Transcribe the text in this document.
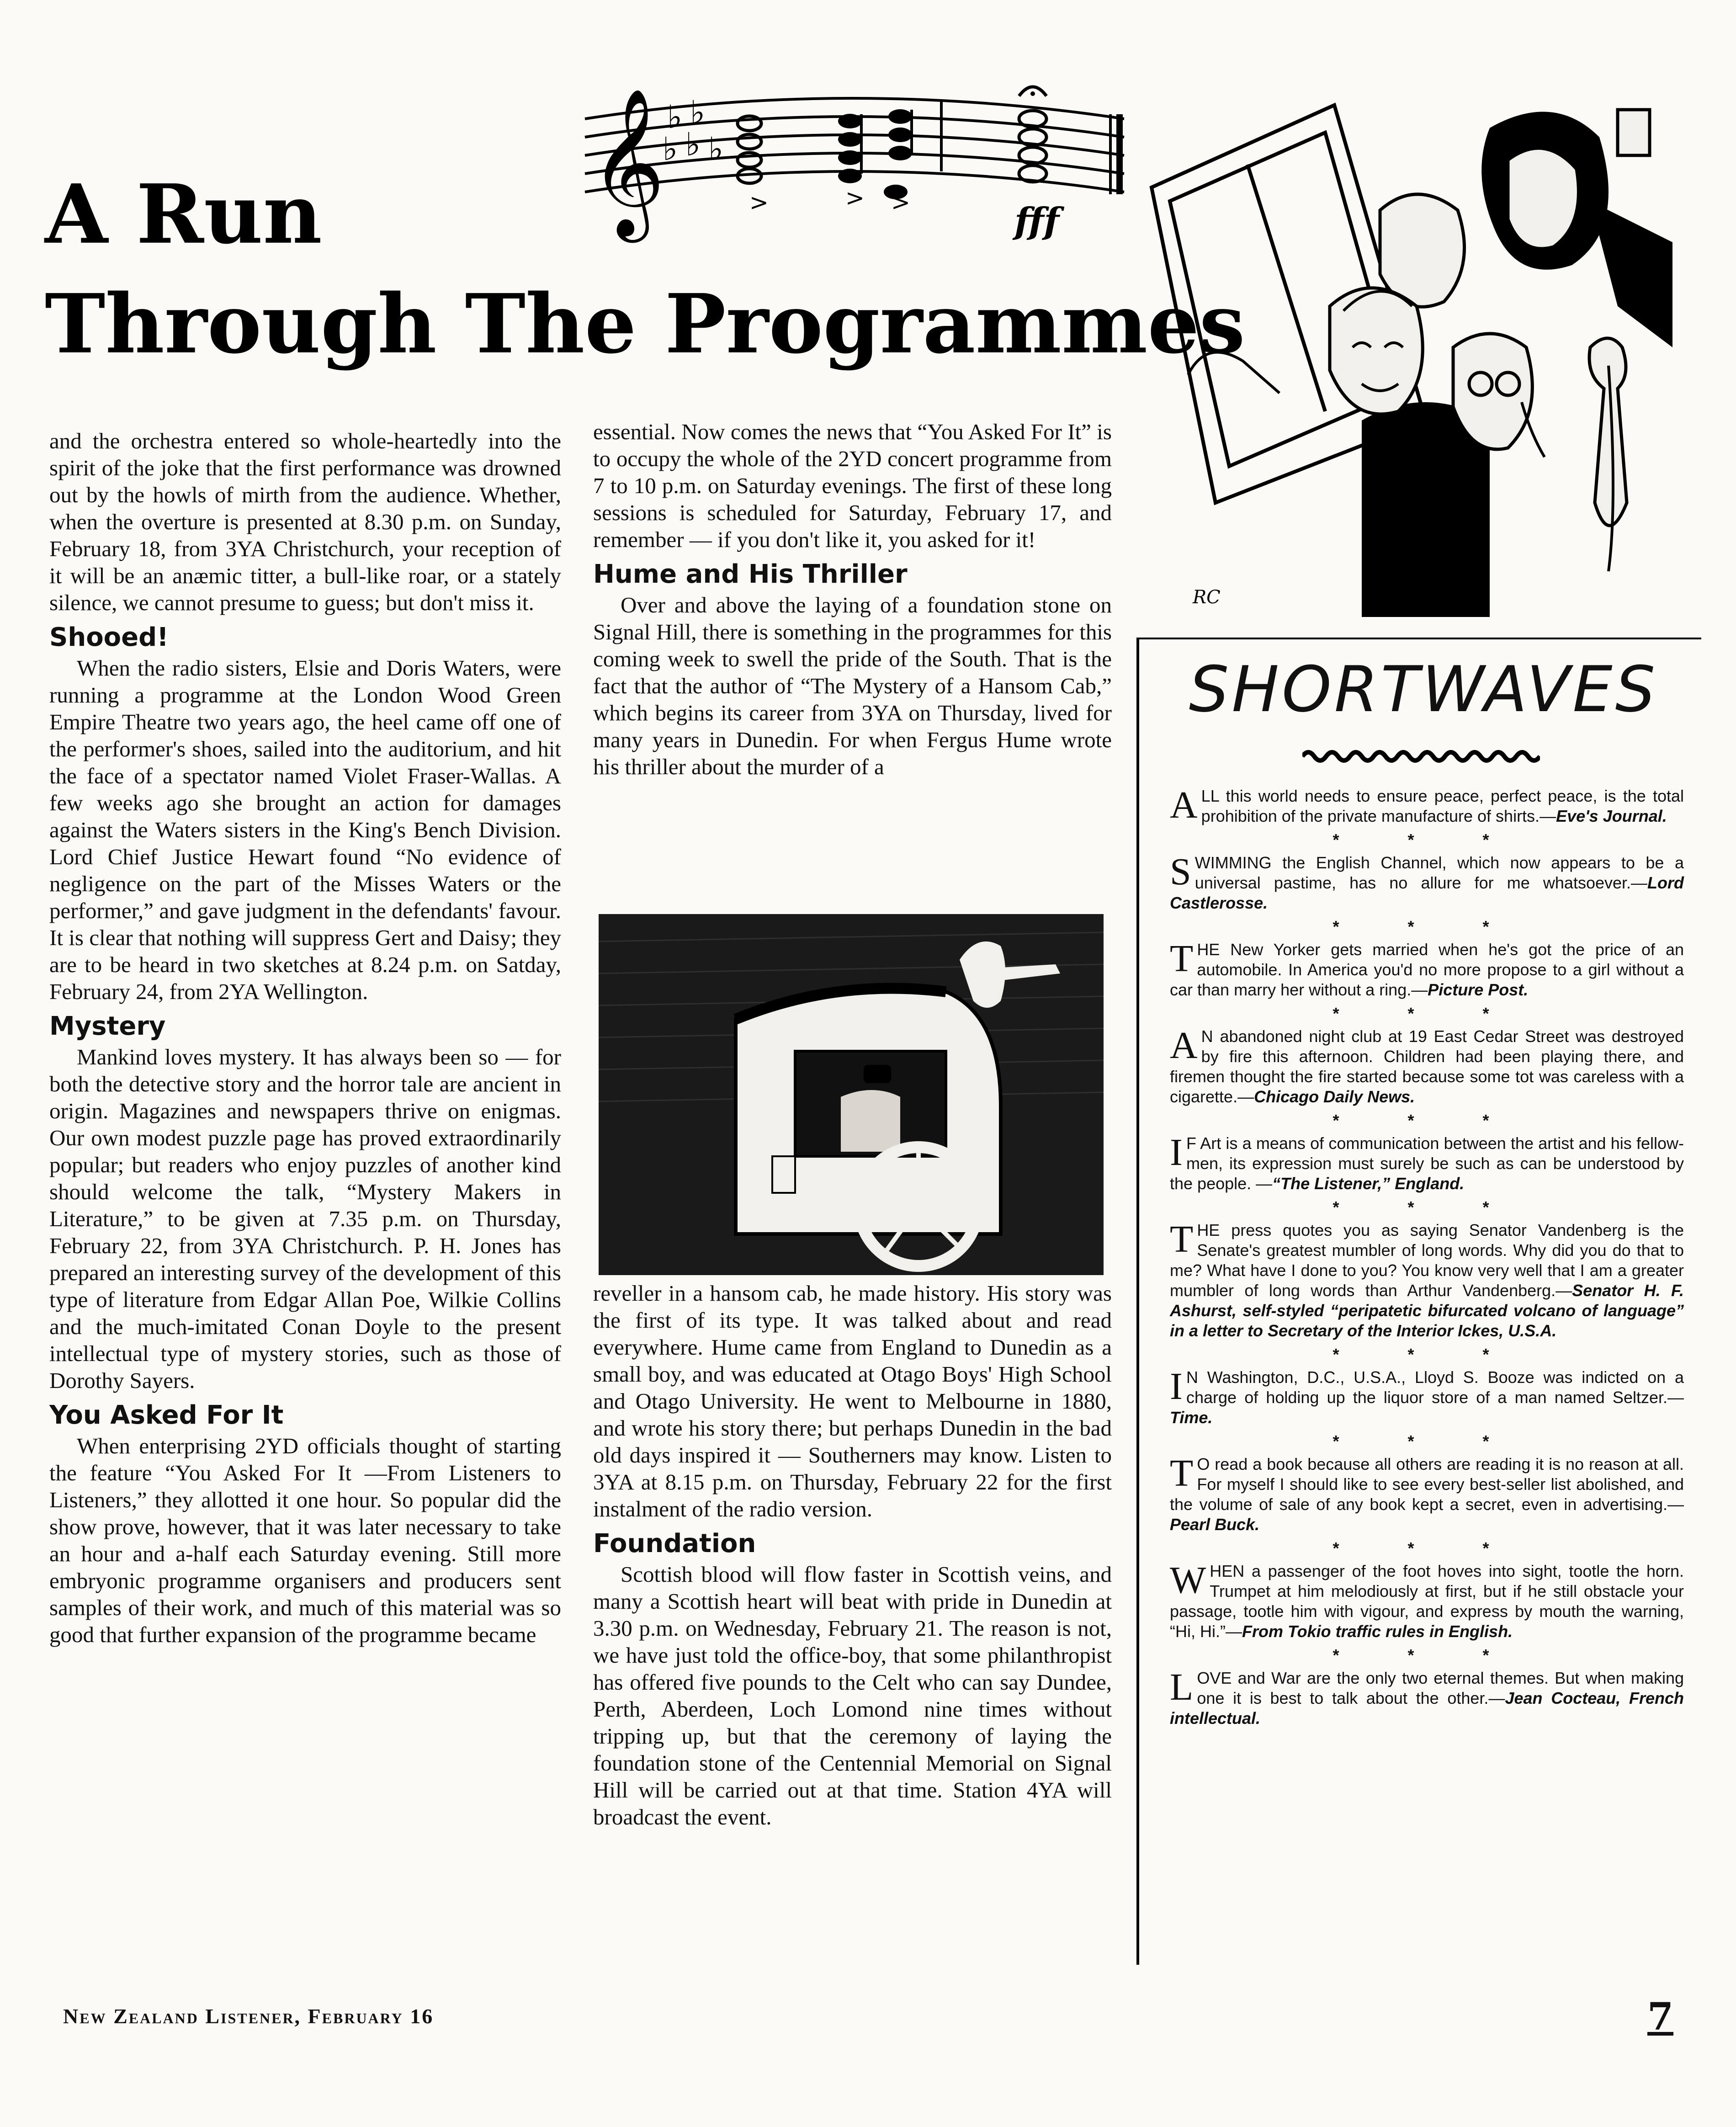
A Run
Through The Programmes
𝄞 ♭ ♭
♭ ♭ ♭
>	> >	fff

and the orchestra entered so whole-heartedly into the spirit of the joke that the first performance was drowned out by the howls of mirth from the audience. Whether, when the overture is presented at 8.30 p.m. on Sunday, February 18, from 3YA Christchurch, your reception of it will be an anæmic titter, a bull-like roar, or a stately silence, we cannot presume to guess; but don't miss it.

Shooed!

When the radio sisters, Elsie and Doris Waters, were running a programme at the London Wood Green Empire Theatre two years ago, the heel came off one of the performer's shoes, sailed into the auditorium, and hit the face of a spectator named Violet Fraser-Wallas. A few weeks ago she brought an action for damages against the Waters sisters in the King's Bench Division. Lord Chief Justice Hewart found “No evidence of negligence on the part of the Misses Waters or the performer,” and gave judgment in the defendants' favour. It is clear that nothing will suppress Gert and Daisy; they are to be heard in two sketches at 8.24 p.m. on Satday, February 24, from 2YA Wellington.

Mystery

Mankind loves mystery. It has always been so — for both the detective story and the horror tale are ancient in origin. Magazines and newspapers thrive on enigmas. Our own modest puzzle page has proved extraordinarily popular; but readers who enjoy puzzles of another kind should welcome the talk, “Mystery Makers in Literature,” to be given at 7.35 p.m. on Thursday, February 22, from 3YA Christchurch. P. H. Jones has prepared an interesting survey of the development of this type of literature from Edgar Allan Poe, Wilkie Collins and the much-imitated Conan Doyle to the present intellectual type of mystery stories, such as those of Dorothy Sayers.

You Asked For It

When enterprising 2YD officials thought of starting the feature “You Asked For It —From Listeners to Listeners,” they allotted it one hour. So popular did the show prove, however, that it was later necessary to take an hour and a-half each Saturday evening. Still more embryonic programme organisers and producers sent samples of their work, and much of this material was so good that further expansion of the programme became

essential. Now comes the news that “You Asked For It” is to occupy the whole of the 2YD concert programme from 7 to 10 p.m. on Saturday evenings. The first of these long sessions is scheduled for Saturday, February 17, and remember — if you don't like it, you asked for it!

Hume and His Thriller

Over and above the laying of a foundation stone on Signal Hill, there is something in the programmes for this coming week to swell the pride of the South. That is the fact that the author of “The Mystery of a Hansom Cab,” which begins its career from 3YA on Thursday, lived for many years in Dunedin. For when Fergus Hume wrote his thriller about the murder of a

reveller in a hansom cab, he made history. His story was the first of its type. It was talked about and read everywhere. Hume came from England to Dunedin as a small boy, and was educated at Otago Boys' High School and Otago University. He went to Melbourne in 1880, and wrote his story there; but perhaps Dunedin in the bad old days inspired it — Southerners may know. Listen to 3YA at 8.15 p.m. on Thursday, February 22 for the first instalment of the radio version.

Foundation

Scottish blood will flow faster in Scottish veins, and many a Scottish heart will beat with pride in Dunedin at 3.30 p.m. on Wednesday, February 21. The reason is not, we have just told the office-boy, that some philanthropist has offered five pounds to the Celt who can say Dundee, Perth, Aberdeen, Loch Lomond nine times without tripping up, but that the ceremony of laying the foundation stone of the Centennial Memorial on Signal Hill will be carried out at that time. Station 4YA will broadcast the event.

RC
SHORTWAVES
ALL this world needs to ensure peace, perfect peace, is the total prohibition of the private manufacture of shirts.—Eve's Journal.
* * *
SWIMMING the English Channel, which now appears to be a universal pastime, has no allure for me whatsoever.—Lord Castlerosse.
* * *
THE New Yorker gets married when he's got the price of an automobile. In America you'd no more propose to a girl without a car than marry her without a ring.—Picture Post.
* * *
A N abandoned night club at 19 East Cedar Street was destroyed by fire this afternoon. Children had been playing there, and firemen thought the fire started because some tot was careless with a cigarette.—Chicago Daily News.
* * *
I F Art is a means of communication between the artist and his fellow-men, its expression must surely be such as can be understood by the people. —“The Listener,” England.
* * *
THE press quotes you as saying Senator Vandenberg is the Senate's greatest mumbler of long words. Why did you do that to me? What have I done to you? You know very well that I am a greater mumbler of long words than Arthur Vandenberg.—Senator H. F. Ashurst, self-styled “peripatetic bifurcated volcano of language” in a letter to Secretary of the Interior Ickes, U.S.A.
* * *
I N Washington, D.C., U.S.A., Lloyd S. Booze was indicted on a charge of holding up the liquor store of a man named Seltzer.—Time.
* * *
T O read a book because all others are reading it is no reason at all. For myself I should like to see every best-seller list abolished, and the volume of sale of any book kept a secret, even in advertising.—Pearl Buck.
* * *
WHEN a passenger of the foot hoves into sight, tootle the horn. Trumpet at him melodiously at first, but if he still obstacle your passage, tootle him with vigour, and express by mouth the warning, “Hi, Hi.”—From Tokio traffic rules in English.
* * *
LOVE and War are the only two eternal themes. But when making one it is best to talk about the other.—Jean Cocteau, French intellectual.
New Zealand Listener, February 16	7
